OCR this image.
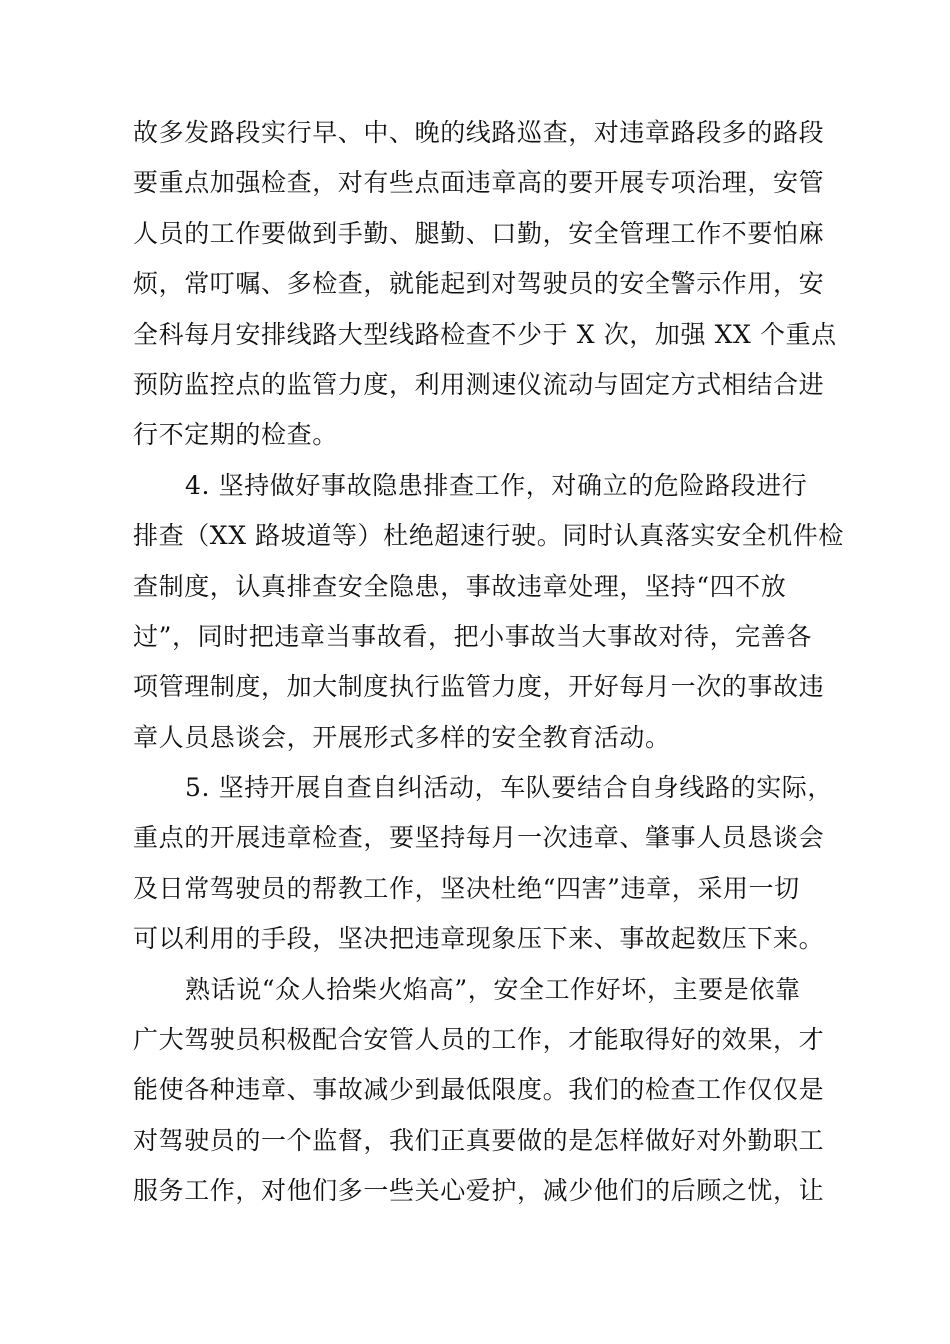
故多发路段实行早、中、晚的线路巡查，对违章路段多的路段
要重点加强检查，对有些点面违章高的要开展专项治理，安管
人员的工作要做到手勤、腿勤、口勤，安全管理工作不要怕麻
烦，常叮嘱、多检查，就能起到对驾驶员的安全警示作用，安
全科每月安排线路大型线路检查不少于 X 次，加强 XX 个重点
预防监控点的监管力度，利用测速仪流动与固定方式相结合进
行不定期的检查。
4. 坚持做好事故隐患排查工作，对确立的危险路段进行
排查（XX 路坡道等）杜绝超速行驶。同时认真落实安全机件检
查制度，认真排查安全隐患，事故违章处理，坚持“四不放
过”，同时把违章当事故看，把小事故当大事故对待，完善各
项管理制度，加大制度执行监管力度，开好每月一次的事故违
章人员恳谈会，开展形式多样的安全教育活动。
5. 坚持开展自查自纠活动，车队要结合自身线路的实际，
重点的开展违章检查，要坚持每月一次违章、肇事人员恳谈会
及日常驾驶员的帮教工作，坚决杜绝“四害”违章，采用一切
可以利用的手段，坚决把违章现象压下来、事故起数压下来。
熟话说“众人拾柴火焰高”，安全工作好坏，主要是依靠
广大驾驶员积极配合安管人员的工作，才能取得好的效果，才
能使各种违章、事故减少到最低限度。我们的检查工作仅仅是
对驾驶员的一个监督，我们正真要做的是怎样做好对外勤职工
服务工作，对他们多一些关心爱护，减少他们的后顾之忧，让
